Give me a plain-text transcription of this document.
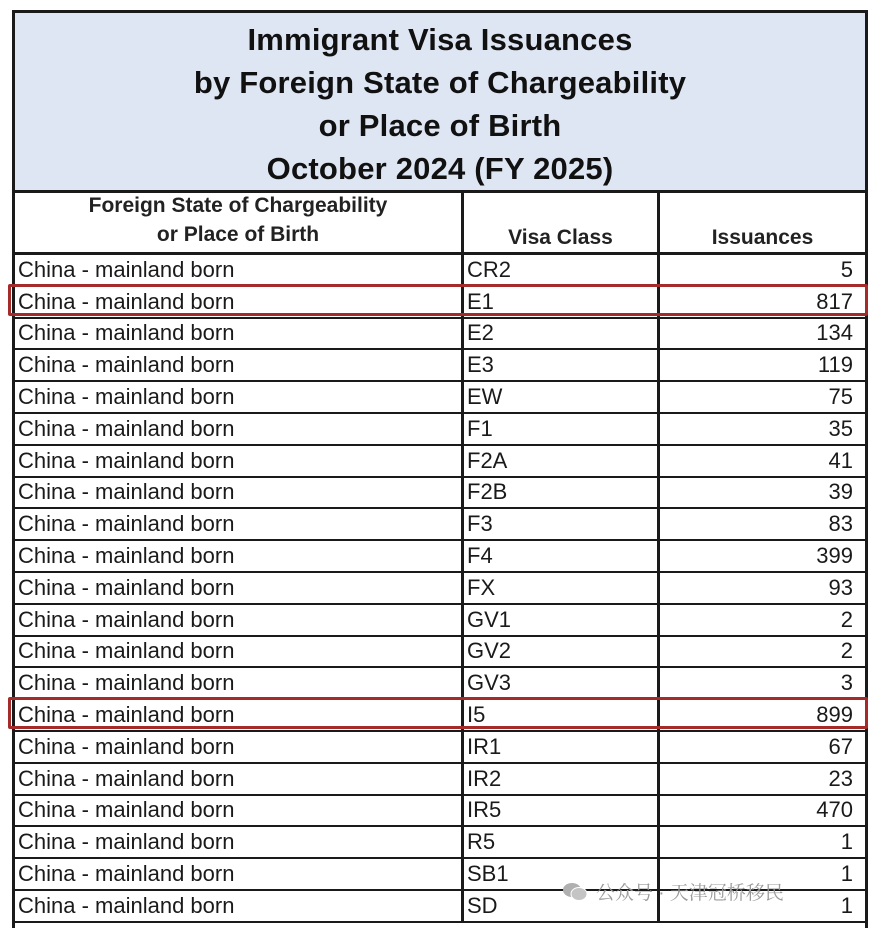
Immigrant Visa Issuances
by Foreign State of Chargeability
or Place of Birth
October 2024 (FY 2025)
Foreign State of Chargeability
or Place of Birth	Visa Class	Issuances
China - mainland born	CR2	5
China - mainland born	E1	817
China - mainland born	E2	134
China - mainland born	E3	119
China - mainland born	EW	75
China - mainland born	F1	35
China - mainland born	F2A	41
China - mainland born	F2B	39
China - mainland born	F3	83
China - mainland born	F4	399
China - mainland born	FX	93
China - mainland born	GV1	2
China - mainland born	GV2	2
China - mainland born	GV3	3
China - mainland born	I5	899
China - mainland born	IR1	67
China - mainland born	IR2	23
China - mainland born	IR5	470
China - mainland born	R5	1
China - mainland born	SB1	1
China - mainland born	SD	1
公众号 · 天津冠桥移民
